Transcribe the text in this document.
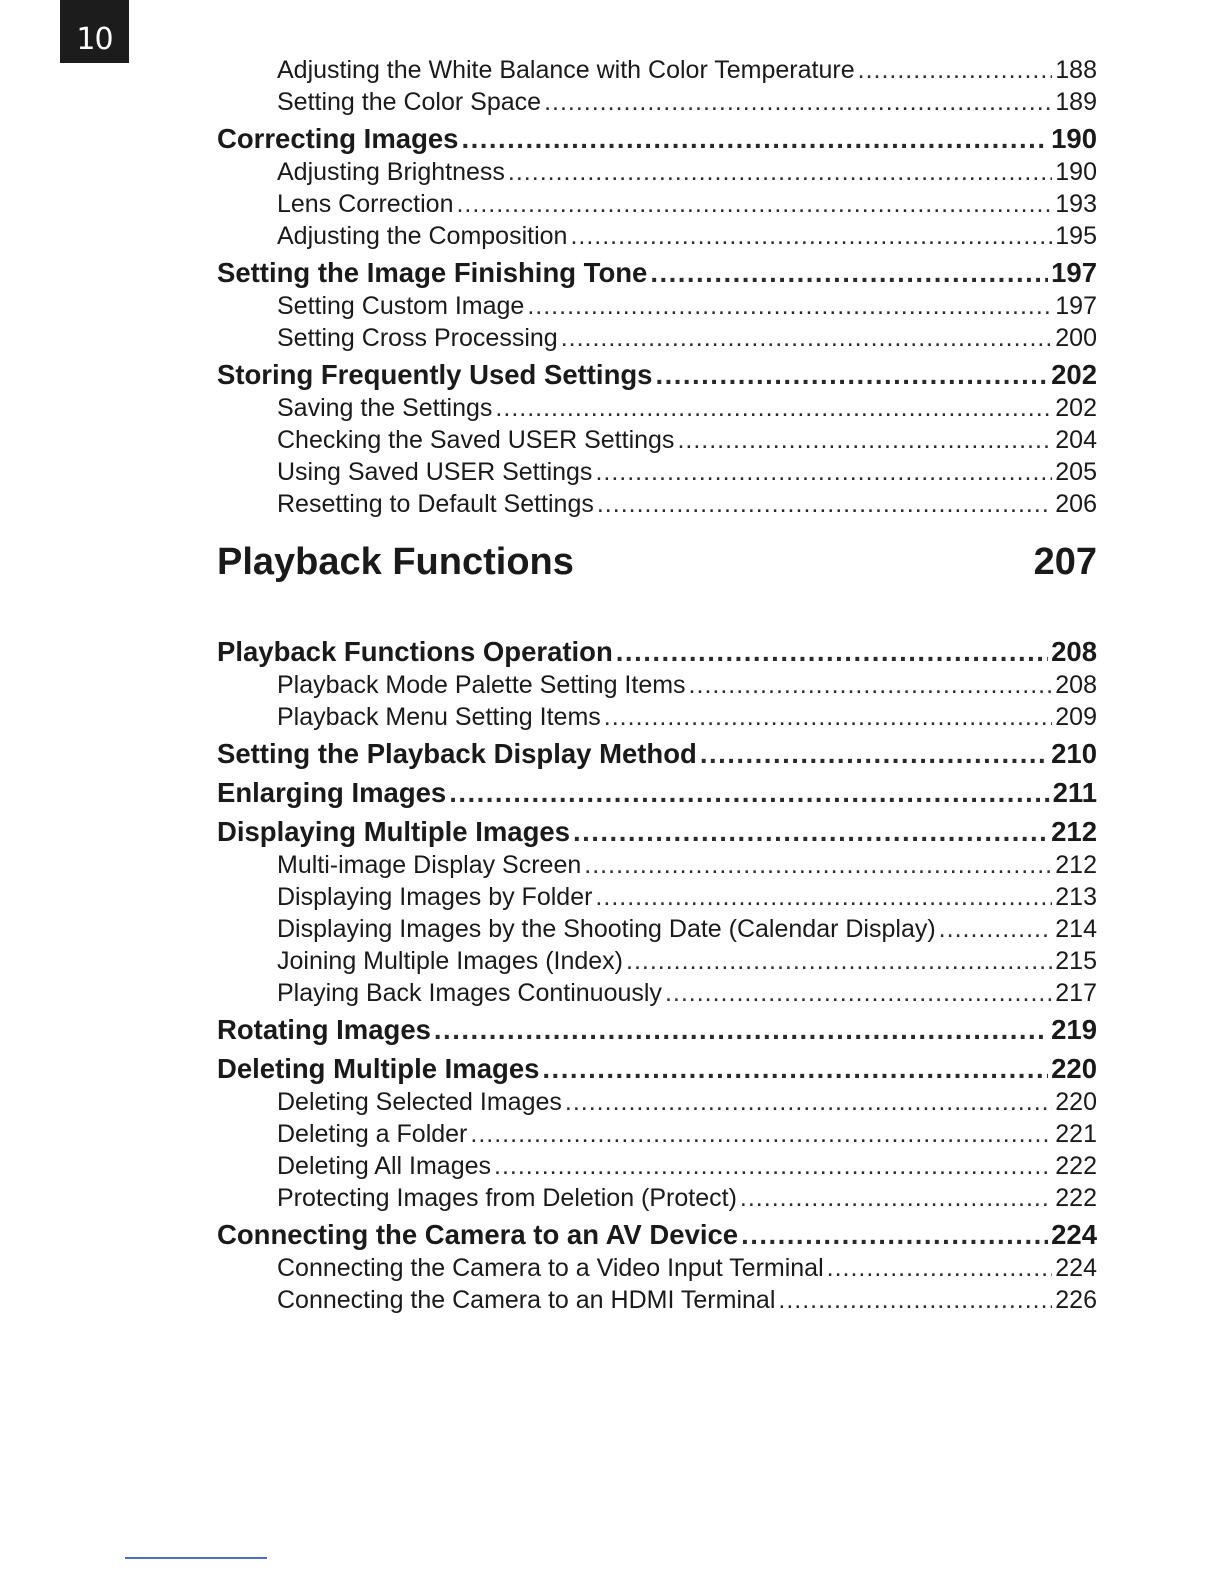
10
Adjusting the White Balance with Color Temperature .....	188
Setting the Color Space .....	189
Correcting Images .....	190
Adjusting Brightness .....	190
Lens Correction .....	193
Adjusting the Composition .....	195
Setting the Image Finishing Tone .....	197
Setting Custom Image .....	197
Setting Cross Processing .....	200
Storing Frequently Used Settings .....	202
Saving the Settings .....	202
Checking the Saved USER Settings .....	204
Using Saved USER Settings .....	205
Resetting to Default Settings .....	206
Playback Functions	207
Playback Functions Operation .....	208
Playback Mode Palette Setting Items .....	208
Playback Menu Setting Items .....	209
Setting the Playback Display Method .....	210
Enlarging Images .....	211
Displaying Multiple Images .....	212
Multi-image Display Screen .....	212
Displaying Images by Folder .....	213
Displaying Images by the Shooting Date (Calendar Display) .....	214
Joining Multiple Images (Index) .....	215
Playing Back Images Continuously .....	217
Rotating Images .....	219
Deleting Multiple Images .....	220
Deleting Selected Images .....	220
Deleting a Folder .....	221
Deleting All Images .....	222
Protecting Images from Deletion (Protect) .....	222
Connecting the Camera to an AV Device .....	224
Connecting the Camera to a Video Input Terminal .....	224
Connecting the Camera to an HDMI Terminal .....	226
